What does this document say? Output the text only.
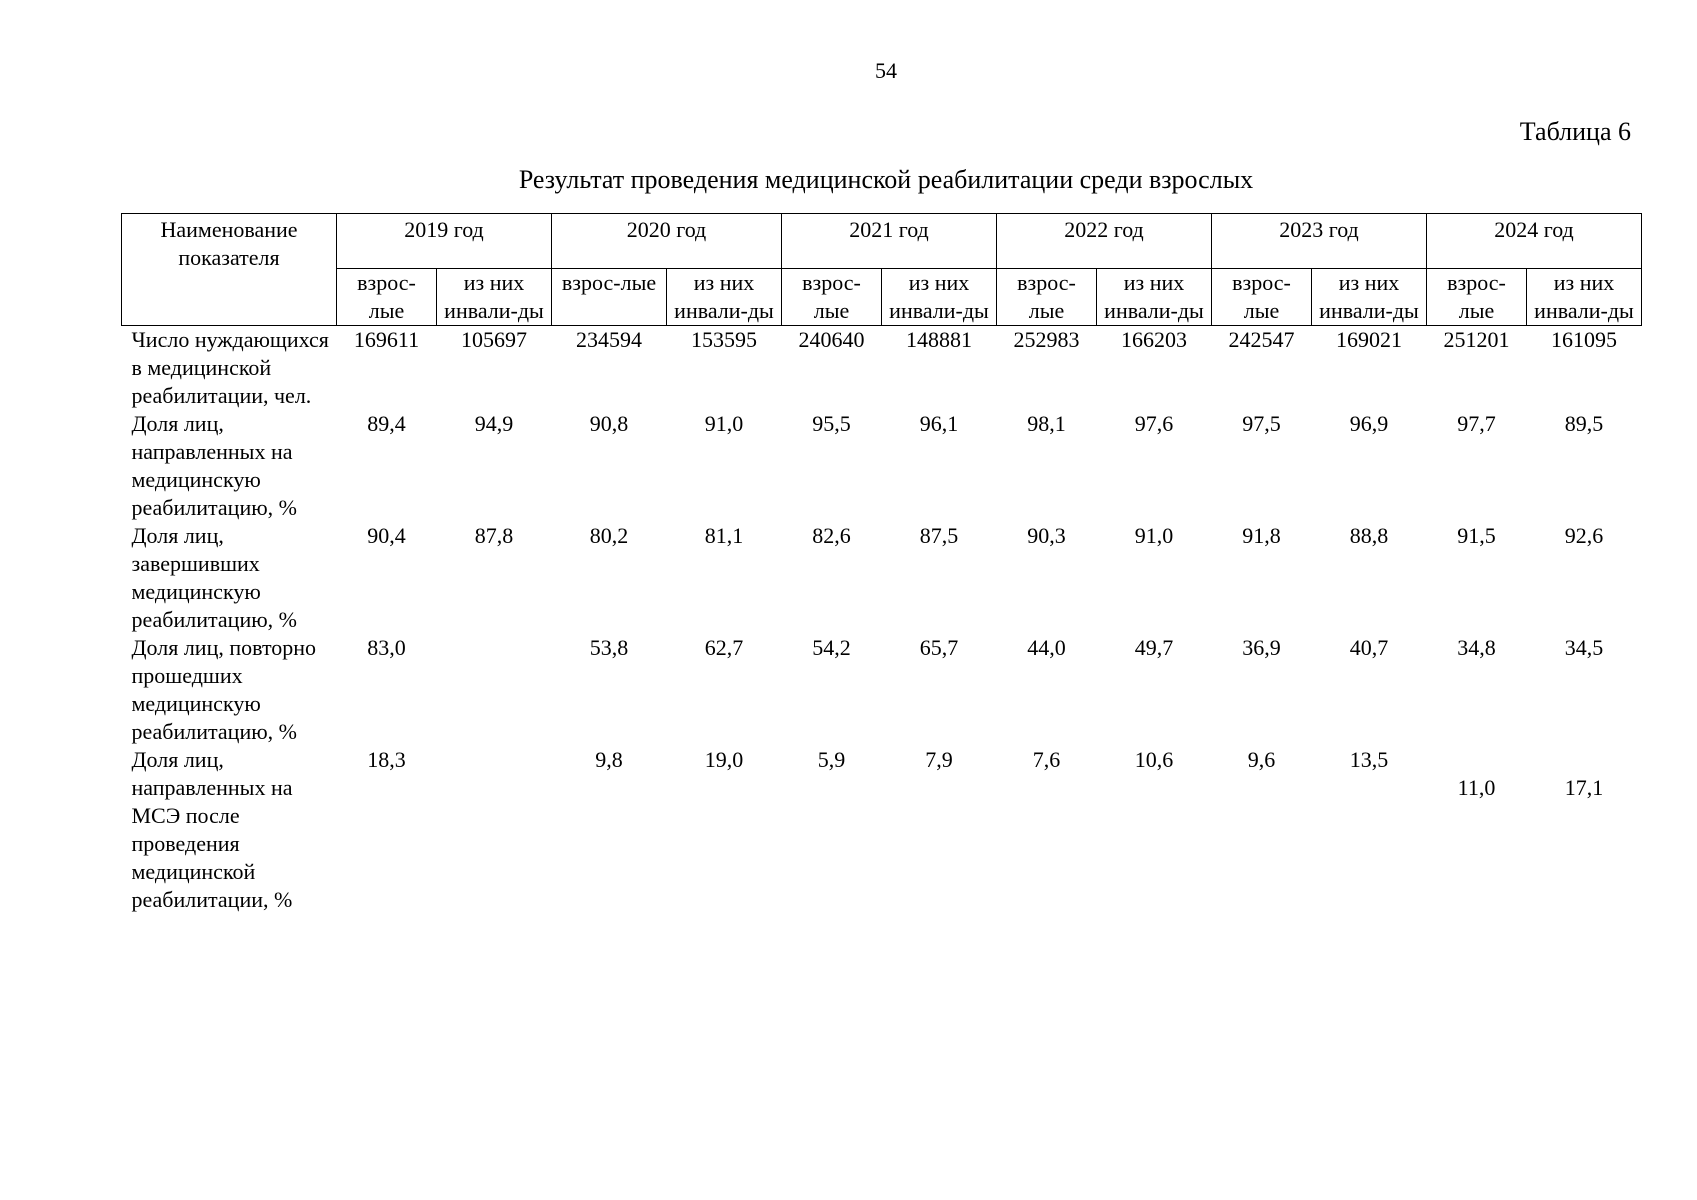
54
Таблица 6
Результат проведения медицинской реабилитации среди взрослых
Наименование показателя	2019 год		2020 год		2021 год		2022 год		2023 год		2024 год	
	взрос-лые	из них инвали-ды	взрос-лые	из них инвали-ды	взрос-лые	из них инвали-ды	взрос-лые	из них инвали-ды	взрос-лые	из них инвали-ды	взрос-лые	из них инвали-ды
Число нуждающихся в медицинской реабилитации, чел.	169611	105697	234594	153595	240640	148881	252983	166203	242547	169021	251201	161095
Доля лиц, направленных на медицинскую реабилитацию, %	89,4	94,9	90,8	91,0	95,5	96,1	98,1	97,6	97,5	96,9	97,7	89,5
Доля лиц, завершивших медицинскую реабилитацию, %	90,4	87,8	80,2	81,1	82,6	87,5	90,3	91,0	91,8	88,8	91,5	92,6
Доля лиц, повторно прошедших медицинскую реабилитацию, %	83,0		53,8	62,7	54,2	65,7	44,0	49,7	36,9	40,7	34,8	34,5
Доля лиц, направленных на МСЭ после проведения медицинской реабилитации, %	18,3		9,8	19,0	5,9	7,9	7,6	10,6	9,6	13,5	11,0	17,1
